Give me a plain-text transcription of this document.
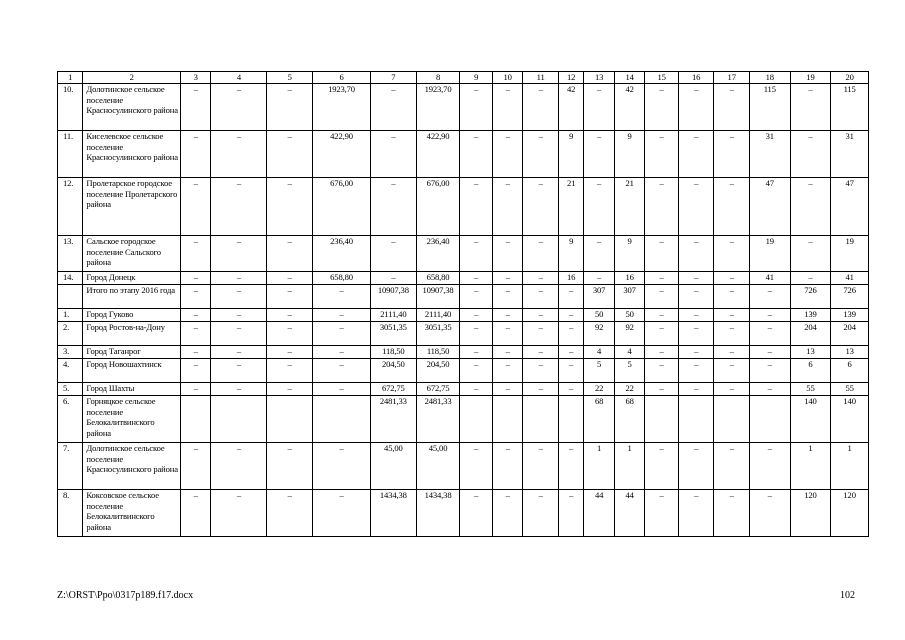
1	2	3	4	5	6	7	8	9	10	11	12	13	14	15	16	17	18	19	20
10.	Долотинское сельское поселение Красносулинского района	–	–	–	1923,70	–	1923,70	–	–	–	42	–	42	–	–	–	115	–	115
11.	Киселевское сельское поселение Красносулинского района	–	–	–	422,90	–	422,90	–	–	–	9	–	9	–	–	–	31	–	31
12.	Пролетарское городское поселение Пролетарского района	–	–	–	676,00	–	676,00	–	–	–	21	–	21	–	–	–	47	–	47
13.	Сальское городское поселение Сальского района	–	–	–	236,40	–	236,40	–	–	–	9	–	9	–	–	–	19	–	19
14.	Город Донецк	–	–	–	658,80	–	658,80	–	–	–	16	–	16	–	–	–	41	–	41
	Итого по этапу 2016 года	–	–	–	–	10907,38	10907,38	–	–	–	–	307	307	–	–	–	–	726	726
1.	Город Гуково	–	–	–	–	2111,40	2111,40	–	–	–	–	50	50	–	–	–	–	139	139
2.	Город Ростов-на-Дону	–	–	–	–	3051,35	3051,35	–	–	–	–	92	92	–	–	–	–	204	204
3.	Город Таганрог	–	–	–	–	118,50	118,50	–	–	–	–	4	4	–	–	–	–	13	13
4.	Город Новошахтинск	–	–	–	–	204,50	204,50	–	–	–	–	5	5	–	–	–	–	6	6
5.	Город Шахты	–	–	–	–	672,75	672,75	–	–	–	–	22	22	–	–	–	–	55	55
6.	Горняцкое сельское поселение Белокалитвинского района					2481,33	2481,33					68	68					140	140
7.	Долотинское сельское поселение Красносулинского района	–	–	–	–	45,00	45,00	–	–	–	–	1	1	–	–	–	–	1	1
8.	Коксовское сельское поселение Белокалитвинского района	–	–	–	–	1434,38	1434,38	–	–	–	–	44	44	–	–	–	–	120	120
Z:\ORST\Ppo\0317p189.f17.docx	102
